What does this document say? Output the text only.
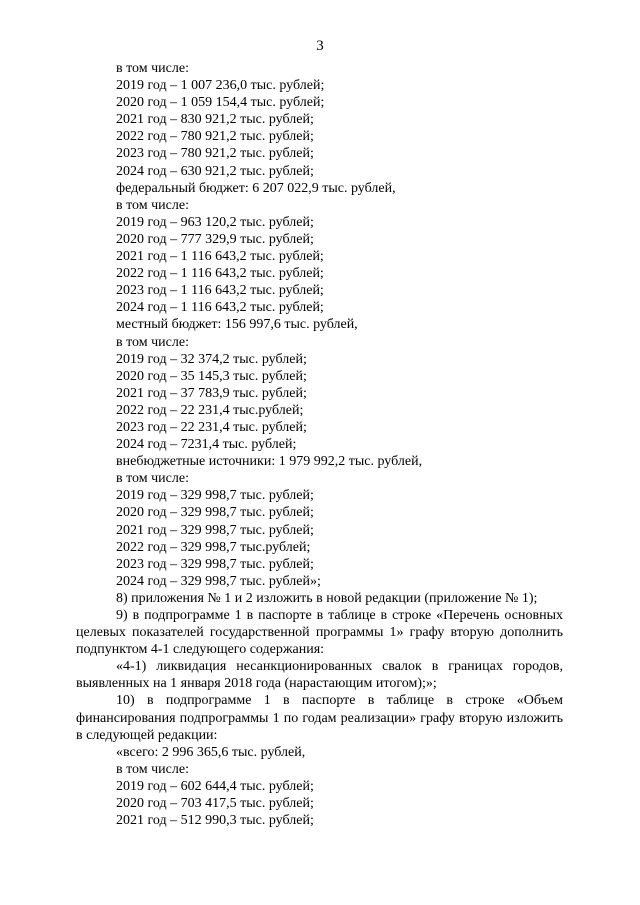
3
в том числе:
2019 год – 1 007 236,0 тыс. рублей;
2020 год – 1 059 154,4 тыс. рублей;
2021 год – 830 921,2 тыс. рублей;
2022 год – 780 921,2 тыс. рублей;
2023 год – 780 921,2 тыс. рублей;
2024 год – 630 921,2 тыс. рублей;
федеральный бюджет: 6 207 022,9 тыс. рублей,
в том числе:
2019 год – 963 120,2 тыс. рублей;
2020 год – 777 329,9 тыс. рублей;
2021 год – 1 116 643,2 тыс. рублей;
2022 год – 1 116 643,2 тыс. рублей;
2023 год – 1 116 643,2 тыс. рублей;
2024 год – 1 116 643,2 тыс. рублей;
местный бюджет: 156 997,6 тыс. рублей,
в том числе:
2019 год – 32 374,2 тыс. рублей;
2020 год – 35 145,3 тыс. рублей;
2021 год – 37 783,9 тыс. рублей;
2022 год – 22 231,4 тыс.рублей;
2023 год – 22 231,4 тыс. рублей;
2024 год – 7231,4 тыс. рублей;
внебюджетные источники: 1 979 992,2 тыс. рублей,
в том числе:
2019 год – 329 998,7 тыс. рублей;
2020 год – 329 998,7 тыс. рублей;
2021 год – 329 998,7 тыс. рублей;
2022 год – 329 998,7 тыс.рублей;
2023 год – 329 998,7 тыс. рублей;
2024 год – 329 998,7 тыс. рублей»;
8) приложения № 1 и 2 изложить в новой редакции (приложение № 1);
9) в подпрограмме 1 в паспорте в таблице в строке «Перечень основных целевых показателей государственной программы 1» графу вторую дополнить подпунктом 4-1 следующего содержания:
«4-1) ликвидация несанкционированных свалок в границах городов, выявленных на 1 января 2018 года (нарастающим итогом);»;
10) в подпрограмме 1 в паспорте в таблице в строке «Объем финансирования подпрограммы 1 по годам реализации» графу вторую изложить в следующей редакции:
«всего: 2 996 365,6 тыс. рублей,
в том числе:
2019 год – 602 644,4 тыс. рублей;
2020 год – 703 417,5 тыс. рублей;
2021 год – 512 990,3 тыс. рублей;
